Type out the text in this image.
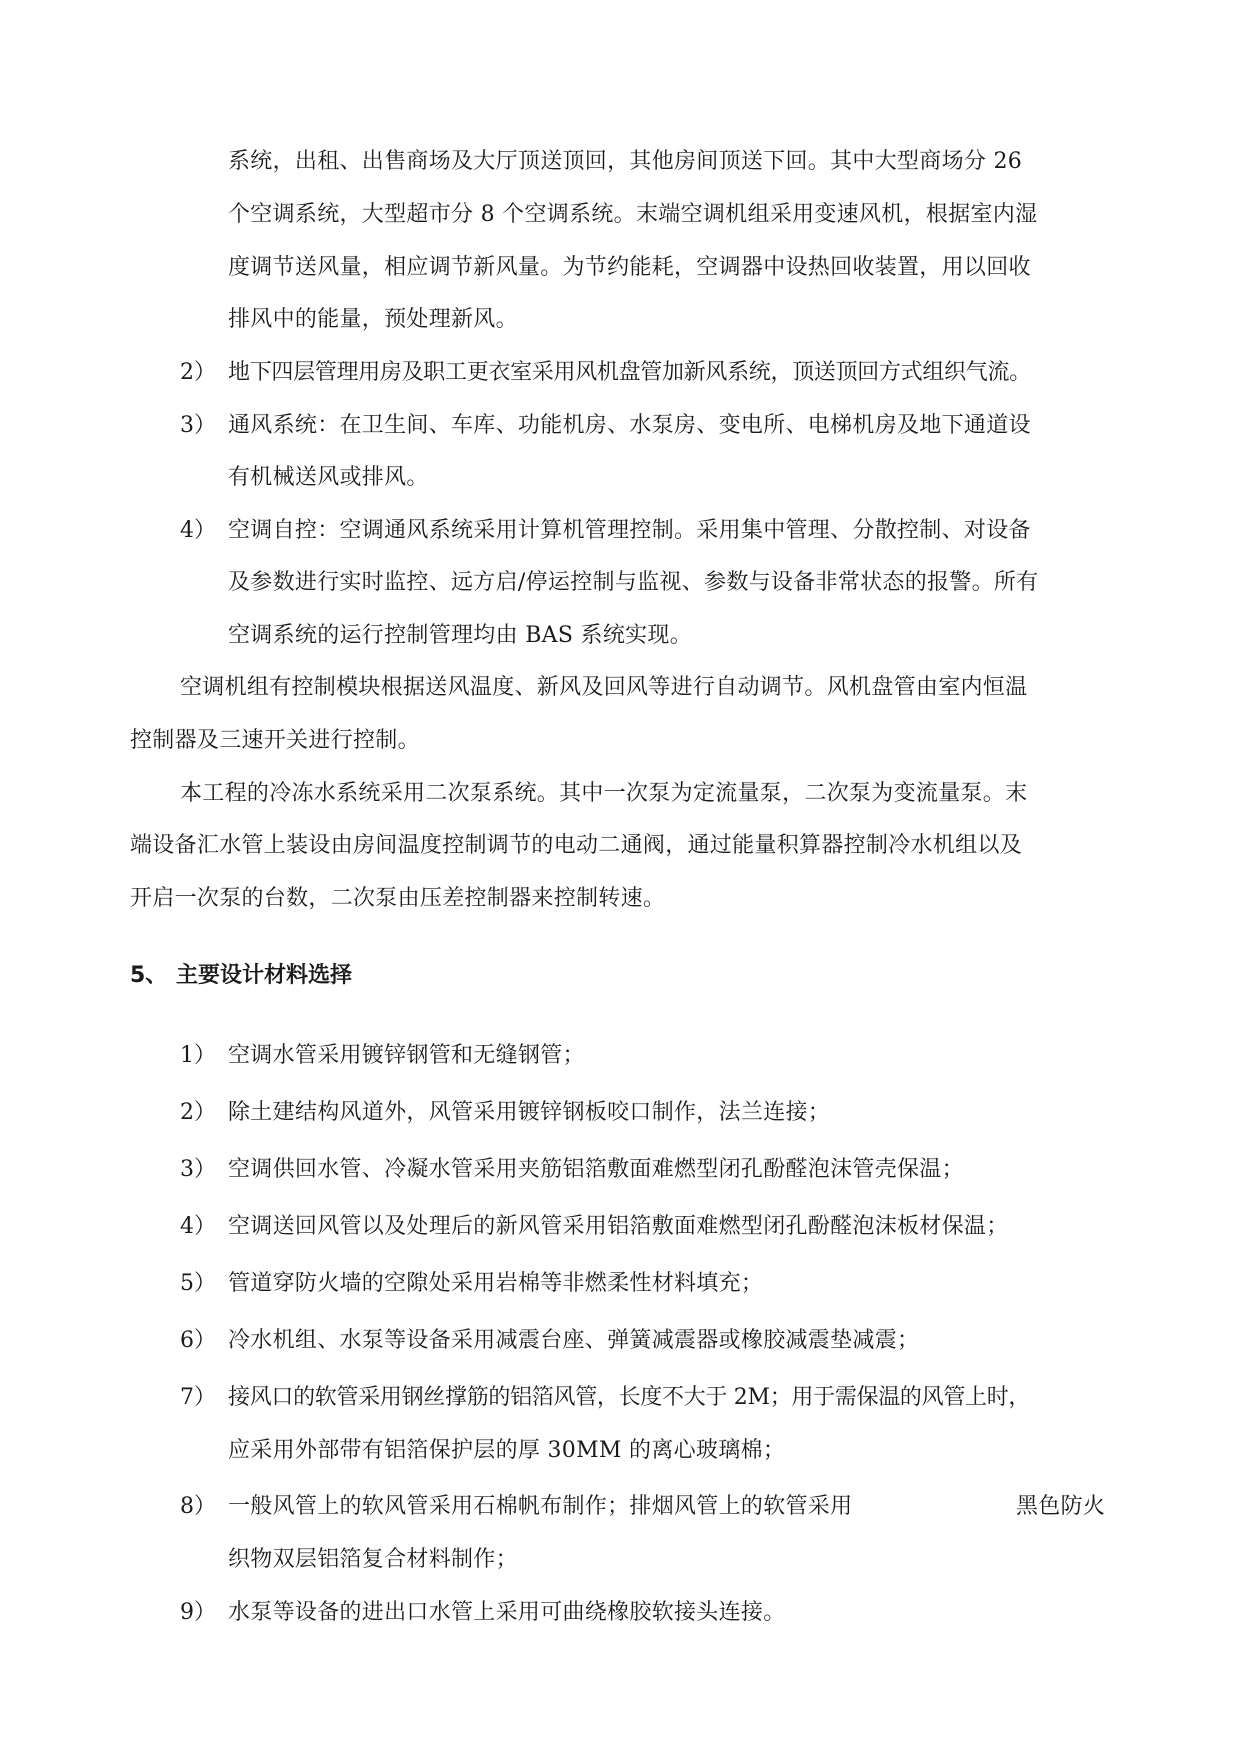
系统，出租、出售商场及大厅顶送顶回，其他房间顶送下回。其中大型商场分 26
个空调系统，大型超市分 8 个空调系统。末端空调机组采用变速风机，根据室内湿
度调节送风量，相应调节新风量。为节约能耗，空调器中设热回收装置，用以回收
排风中的能量，预处理新风。
2） 地下四层管理用房及职工更衣室采用风机盘管加新风系统，顶送顶回方式组织气流。
3） 通风系统：在卫生间、车库、功能机房、水泵房、变电所、电梯机房及地下通道设
有机械送风或排风。
4） 空调自控：空调通风系统采用计算机管理控制。采用集中管理、分散控制、对设备
及参数进行实时监控、远方启/停运控制与监视、参数与设备非常状态的报警。所有
空调系统的运行控制管理均由 BAS 系统实现。
空调机组有控制模块根据送风温度、新风及回风等进行自动调节。风机盘管由室内恒温
控制器及三速开关进行控制。
本工程的冷冻水系统采用二次泵系统。其中一次泵为定流量泵，二次泵为变流量泵。末
端设备汇水管上装设由房间温度控制调节的电动二通阀，通过能量积算器控制冷水机组以及
开启一次泵的台数，二次泵由压差控制器来控制转速。
5、 主要设计材料选择
1） 空调水管采用镀锌钢管和无缝钢管；
2） 除土建结构风道外，风管采用镀锌钢板咬口制作，法兰连接；
3） 空调供回水管、冷凝水管采用夹筋铝箔敷面难燃型闭孔酚醛泡沫管壳保温；
4） 空调送回风管以及处理后的新风管采用铝箔敷面难燃型闭孔酚醛泡沫板材保温；
5） 管道穿防火墙的空隙处采用岩棉等非燃柔性材料填充；
6） 冷水机组、水泵等设备采用减震台座、弹簧减震器或橡胶减震垫减震；
7） 接风口的软管采用钢丝撑筋的铝箔风管，长度不大于 2M；用于需保温的风管上时，
应采用外部带有铝箔保护层的厚 30MM 的离心玻璃棉；
8） 一般风管上的软风管采用石棉帆布制作；排烟风管上的软管采用	黑色防火
织物双层铝箔复合材料制作；
9） 水泵等设备的进出口水管上采用可曲绕橡胶软接头连接。
